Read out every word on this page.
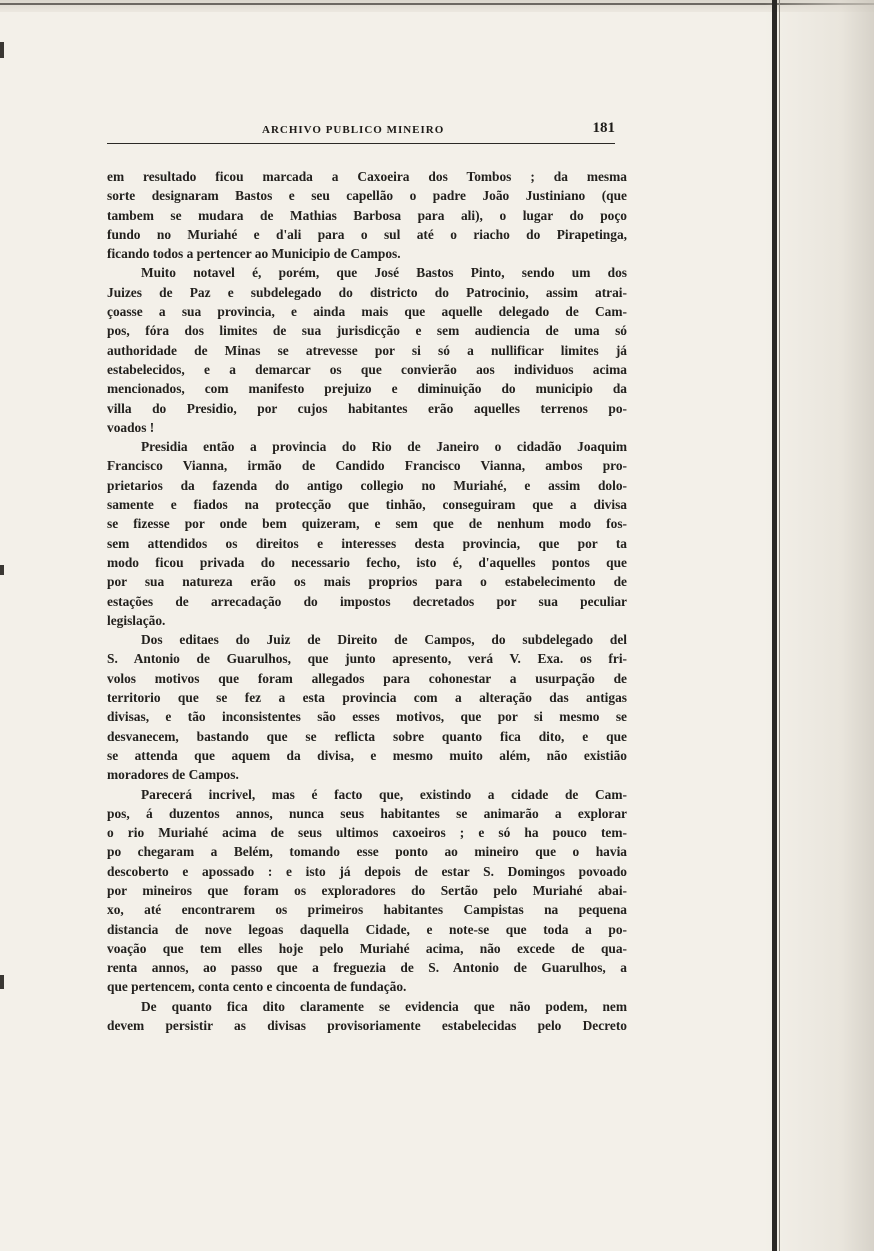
ARCHIVO PUBLICO MINEIRO	181
em resultado ficou marcada a Caxoeira dos Tombos ; da mesma
sorte designaram Bastos e seu capellão o padre João Justiniano (que
tambem se mudara de Mathias Barbosa para ali), o lugar do poço
fundo no Muriahé e d'ali para o sul até o riacho do Pirapetinga,
ficando todos a pertencer ao Municipio de Campos.
Muito notavel é, porém, que José Bastos Pinto, sendo um dos
Juizes de Paz e subdelegado do districto do Patrocinio, assim atrai-
çoasse a sua provincia, e ainda mais que aquelle delegado de Cam-
pos, fóra dos limites de sua jurisdicção e sem audiencia de uma só
authoridade de Minas se atrevesse por si só a nullificar limites já
estabelecidos, e a demarcar os que convierão aos individuos acima
mencionados, com manifesto prejuizo e diminuição do municipio da
villa do Presidio, por cujos habitantes erão aquelles terrenos po-
voados !
Presidia então a provincia do Rio de Janeiro o cidadão Joaquim
Francisco Vianna, irmão de Candido Francisco Vianna, ambos pro-
prietarios da fazenda do antigo collegio no Muriahé, e assim dolo-
samente e fiados na protecção que tinhão, conseguiram que a divisa
se fizesse por onde bem quizeram, e sem que de nenhum modo fos-
sem attendidos os direitos e interesses desta provincia, que por ta
modo ficou privada do necessario fecho, isto é, d'aquelles pontos que
por sua natureza erão os mais proprios para o estabelecimento de
estações de arrecadação do impostos decretados por sua peculiar
legislação.
Dos editaes do Juiz de Direito de Campos, do subdelegado del
S. Antonio de Guarulhos, que junto apresento, verá V. Exa. os fri-
volos motivos que foram allegados para cohonestar a usurpação de
territorio que se fez a esta provincia com a alteração das antigas
divisas, e tão inconsistentes são esses motivos, que por si mesmo se
desvanecem, bastando que se reflicta sobre quanto fica dito, e que
se attenda que aquem da divisa, e mesmo muito além, não existião
moradores de Campos.
Parecerá incrivel, mas é facto que, existindo a cidade de Cam-
pos, á duzentos annos, nunca seus habitantes se animarão a explorar
o rio Muriahé acima de seus ultimos caxoeiros ; e só ha pouco tem-
po chegaram a Belém, tomando esse ponto ao mineiro que o havia
descoberto e apossado : e isto já depois de estar S. Domingos povoado
por mineiros que foram os exploradores do Sertão pelo Muriahé abai-
xo, até encontrarem os primeiros habitantes Campistas na pequena
distancia de nove legoas daquella Cidade, e note-se que toda a po-
voação que tem elles hoje pelo Muriahé acima, não excede de qua-
renta annos, ao passo que a freguezia de S. Antonio de Guarulhos, a
que pertencem, conta cento e cincoenta de fundação.
De quanto fica dito claramente se evidencia que não podem, nem
devem persistir as divisas provisoriamente estabelecidas pelo Decreto
